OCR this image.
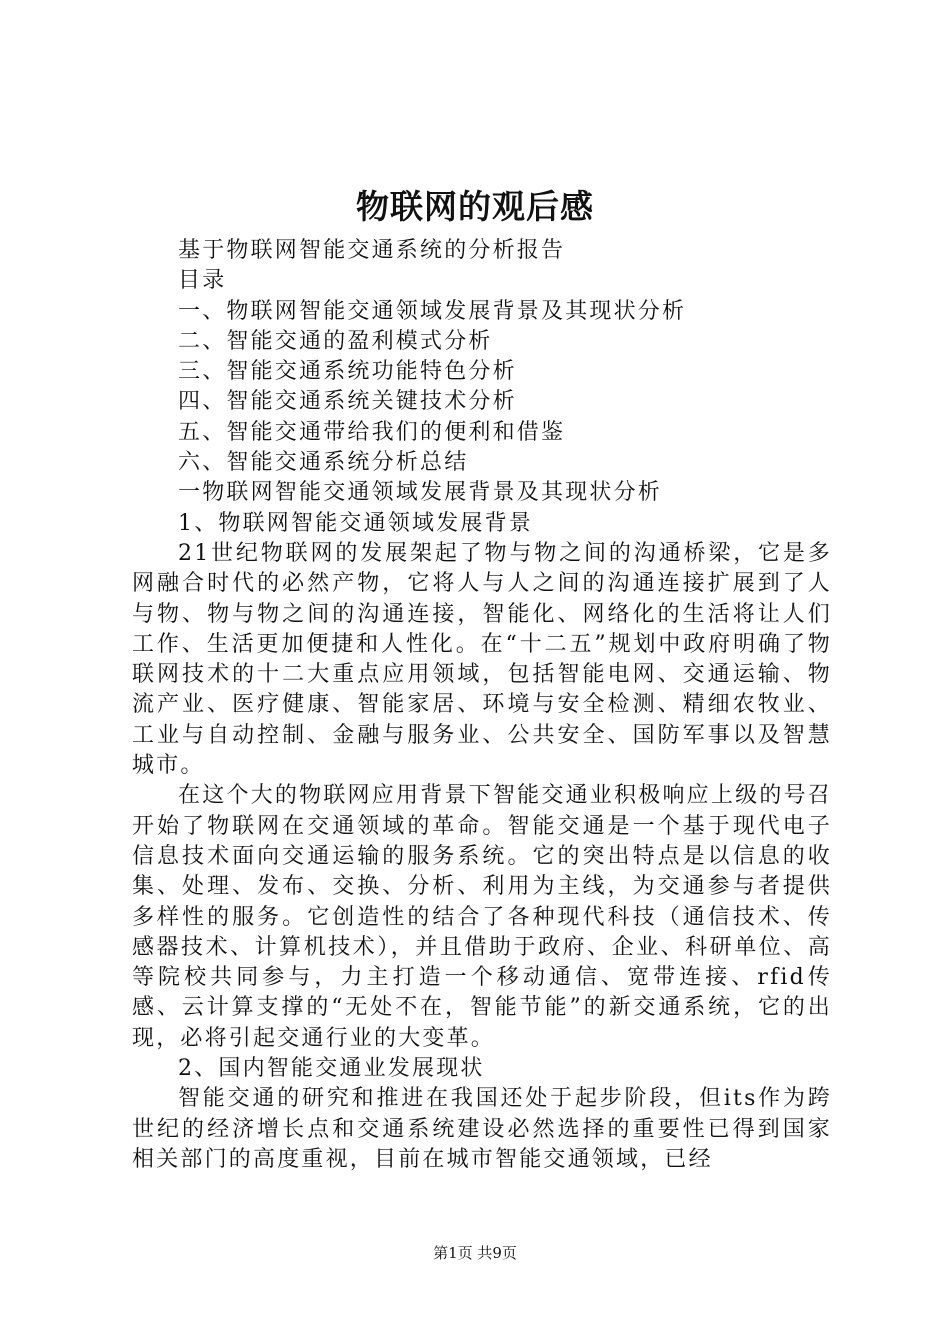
物联网的观后感
基于物联网智能交通系统的分析报告
目录
一、物联网智能交通领域发展背景及其现状分析
二、智能交通的盈利模式分析
三、智能交通系统功能特色分析
四、智能交通系统关键技术分析
五、智能交通带给我们的便利和借鉴
六、智能交通系统分析总结
一物联网智能交通领域发展背景及其现状分析
1、物联网智能交通领域发展背景

21世纪物联网的发展架起了物与物之间的沟通桥梁，它是多网融合时代的必然产物，它将人与人之间的沟通连接扩展到了人与物、物与物之间的沟通连接，智能化、网络化的生活将让人们工作、生活更加便捷和人性化。在“十二五”规划中政府明确了物联网技术的十二大重点应用领域，包括智能电网、交通运输、物流产业、医疗健康、智能家居、环境与安全检测、精细农牧业、工业与自动控制、金融与服务业、公共安全、国防军事以及智慧城市。

在这个大的物联网应用背景下智能交通业积极响应上级的号召开始了物联网在交通领域的革命。智能交通是一个基于现代电子信息技术面向交通运输的服务系统。它的突出特点是以信息的收集、处理、发布、交换、分析、利用为主线，为交通参与者提供多样性的服务。它创造性的结合了各种现代科技（通信技术、传感器技术、计算机技术），并且借助于政府、企业、科研单位、高等院校共同参与，力主打造一个移动通信、宽带连接、rfid传感、云计算支撑的“无处不在，智能节能”的新交通系统，它的出现，必将引起交通行业的大变革。

2、国内智能交通业发展现状

智能交通的研究和推进在我国还处于起步阶段，但its作为跨世纪的经济增长点和交通系统建设必然选择的重要性已得到国家相关部门的高度重视，目前在城市智能交通领域，已经

第1页 共9页
